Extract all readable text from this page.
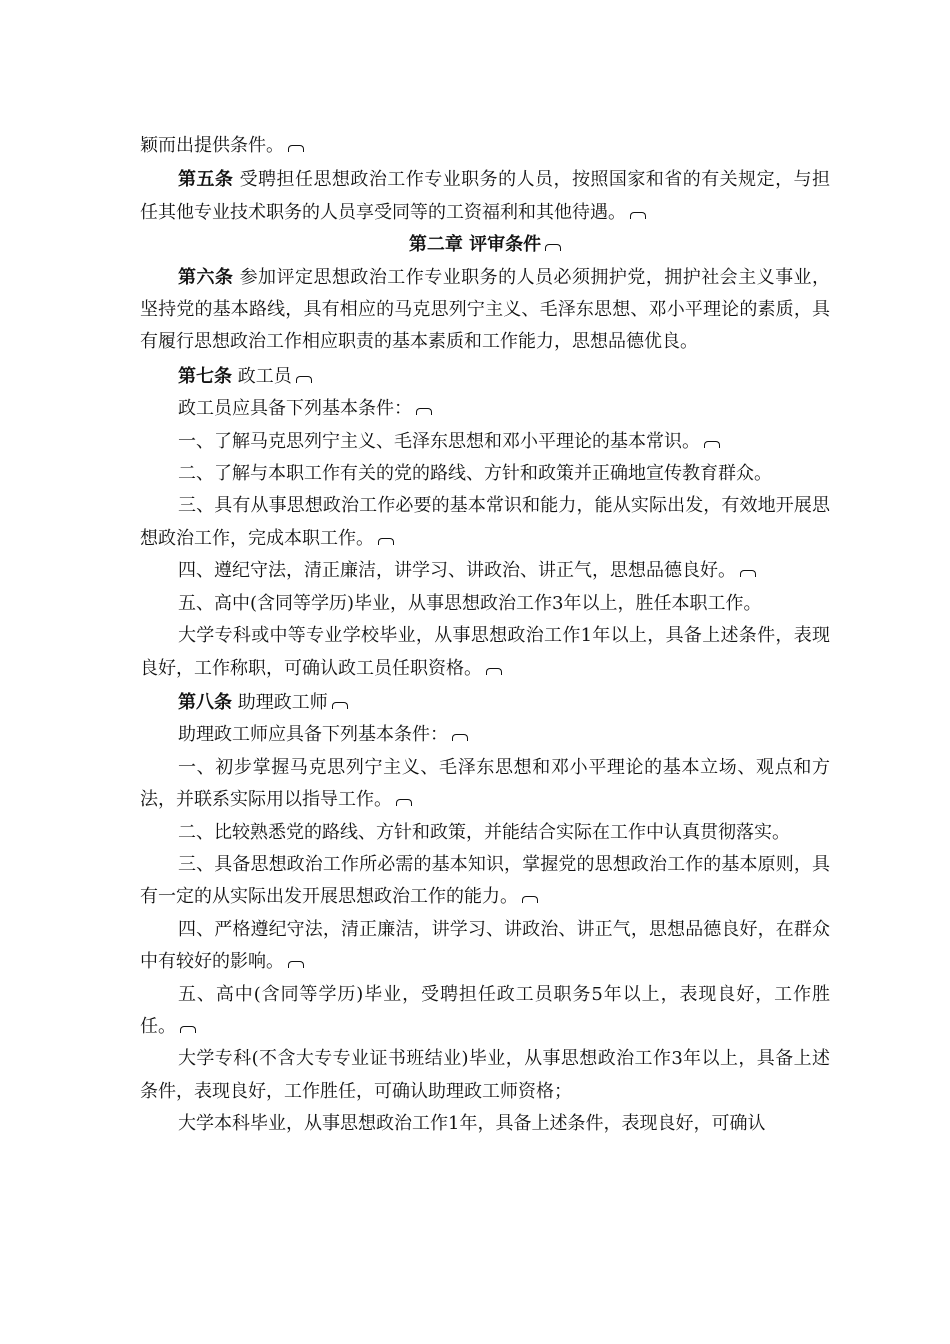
颖而出提供条件。

第五条 受聘担任思想政治工作专业职务的人员，按照国家和省的有关规定，与担任其他专业技术职务的人员享受同等的工资福利和其他待遇。

第二章 评审条件

第六条 参加评定思想政治工作专业职务的人员必须拥护党，拥护社会主义事业，坚持党的基本路线，具有相应的马克思列宁主义、毛泽东思想、邓小平理论的素质，具有履行思想政治工作相应职责的基本素质和工作能力，思想品德优良。

第七条 政工员

政工员应具备下列基本条件：

一、了解马克思列宁主义、毛泽东思想和邓小平理论的基本常识。

二、了解与本职工作有关的党的路线、方针和政策并正确地宣传教育群众。

三、具有从事思想政治工作必要的基本常识和能力，能从实际出发，有效地开展思想政治工作，完成本职工作。

四、遵纪守法，清正廉洁，讲学习、讲政治、讲正气，思想品德良好。

五、高中(含同等学历)毕业，从事思想政治工作3年以上，胜任本职工作。

大学专科或中等专业学校毕业，从事思想政治工作1年以上，具备上述条件，表现良好，工作称职，可确认政工员任职资格。

第八条 助理政工师

助理政工师应具备下列基本条件：

一、初步掌握马克思列宁主义、毛泽东思想和邓小平理论的基本立场、观点和方法，并联系实际用以指导工作。

二、比较熟悉党的路线、方针和政策，并能结合实际在工作中认真贯彻落实。

三、具备思想政治工作所必需的基本知识，掌握党的思想政治工作的基本原则，具有一定的从实际出发开展思想政治工作的能力。

四、严格遵纪守法，清正廉洁，讲学习、讲政治、讲正气，思想品德良好，在群众中有较好的影响。

五、高中(含同等学历)毕业，受聘担任政工员职务5年以上，表现良好，工作胜任。

大学专科(不含大专专业证书班结业)毕业，从事思想政治工作3年以上，具备上述条件，表现良好，工作胜任，可确认助理政工师资格；

大学本科毕业，从事思想政治工作1年，具备上述条件，表现良好，可确认
